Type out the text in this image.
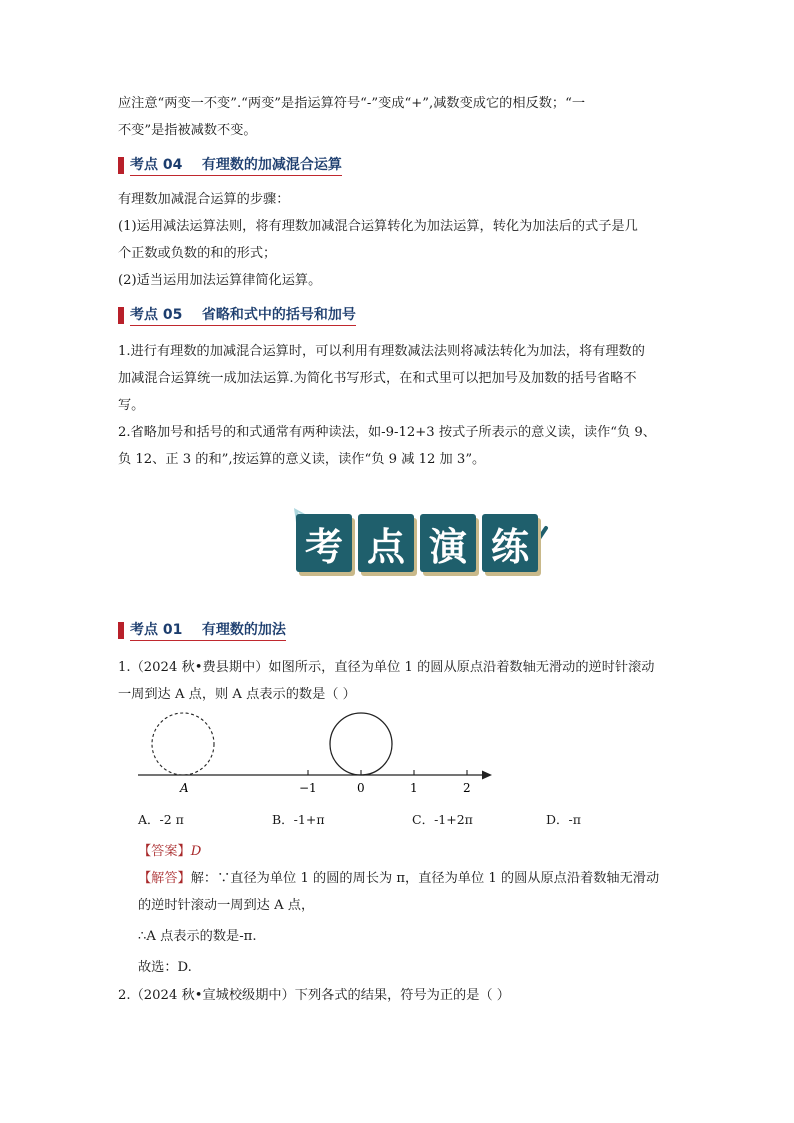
应注意“两变一不变”.“两变”是指运算符号“-”变成“+”,减数变成它的相反数；“一
不变”是指被减数不变。
考点 04    有理数的加减混合运算
有理数加减混合运算的步骤：
(1)运用减法运算法则，将有理数加减混合运算转化为加法运算，转化为加法后的式子是几
个正数或负数的和的形式；
(2)适当运用加法运算律简化运算。
考点 05    省略和式中的括号和加号
1.进行有理数的加减混合运算时，可以利用有理数减法法则将减法转化为加法，将有理数的
加减混合运算统一成加法运算.为简化书写形式，在和式里可以把加号及加数的括号省略不
写。
2.省略加号和括号的和式通常有两种读法，如-9-12+3 按式子所表示的意义读，读作“负 9、
负 12、正 3 的和”,按运算的意义读，读作“负 9 减 12 加 3”。
考 点 演 练
考点 01    有理数的加法
1.（2024 秋•费县期中）如图所示，直径为单位 1 的圆从原点沿着数轴无滑动的逆时针滚动
一周到达 A 点，则 A 点表示的数是（ ）
A	−1	0	1	2
A．-2 π	B．-1+π	C．-1+2π	D．-π
【答案】D
【解答】解：∵直径为单位 1 的圆的周长为 π，直径为单位 1 的圆从原点沿着数轴无滑动
的逆时针滚动一周到达 A 点，
∴A 点表示的数是-π.
故选：D.
2.（2024 秋•宣城校级期中）下列各式的结果，符号为正的是（ ）
